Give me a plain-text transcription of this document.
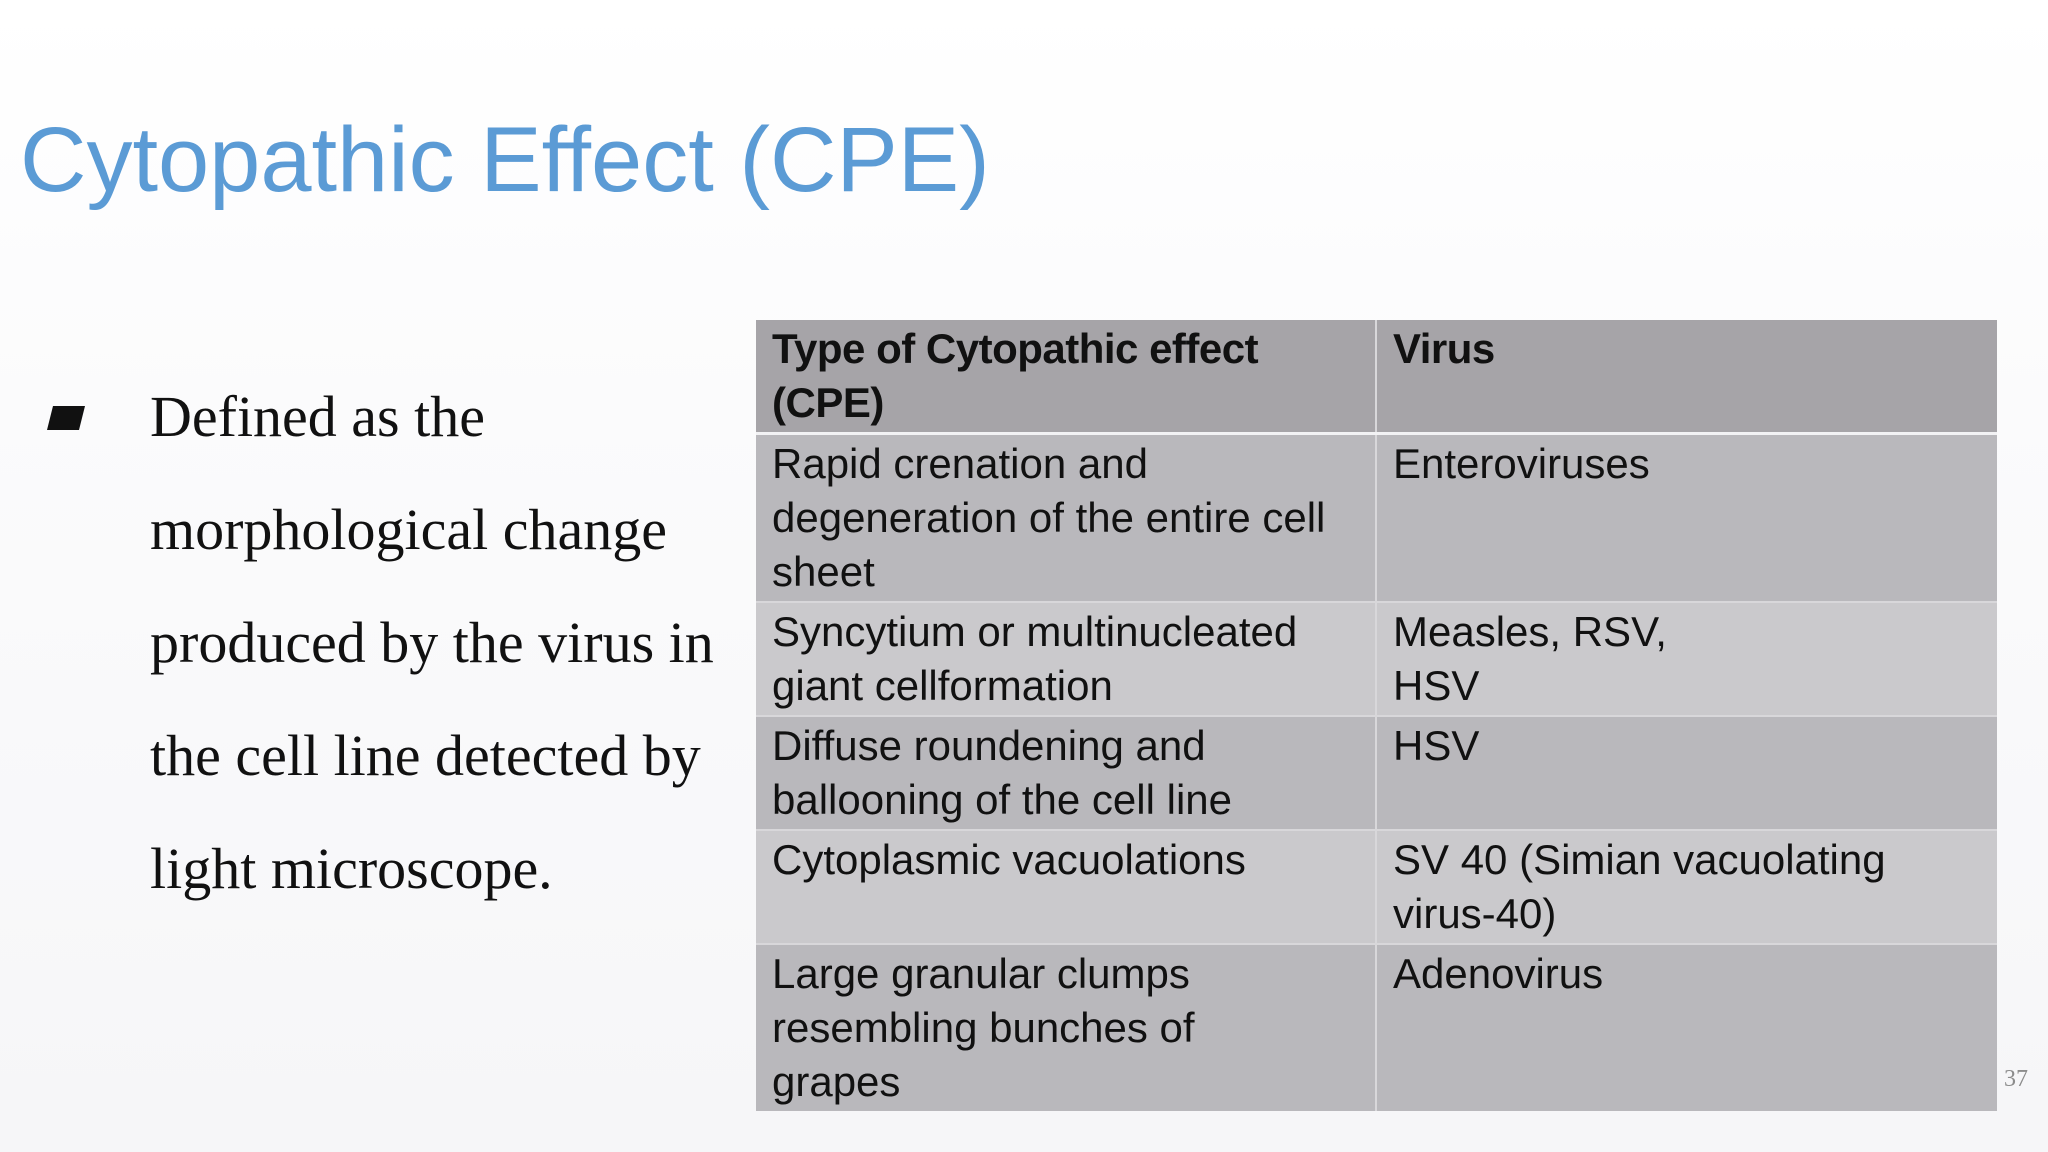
Cytopathic Effect (CPE)

Defined as the morphological change produced by the virus in the cell line detected by light microscope.

Type of Cytopathic effect (CPE)	Virus
Rapid crenation and degeneration of the entire cell sheet	Enteroviruses
Syncytium or multinucleated giant cellformation	Measles, RSV, HSV
Diffuse roundening and ballooning of the cell line	HSV
Cytoplasmic vacuolations	SV 40 (Simian vacuolating virus-40)
Large granular clumps resembling bunches of grapes	Adenovirus
37
